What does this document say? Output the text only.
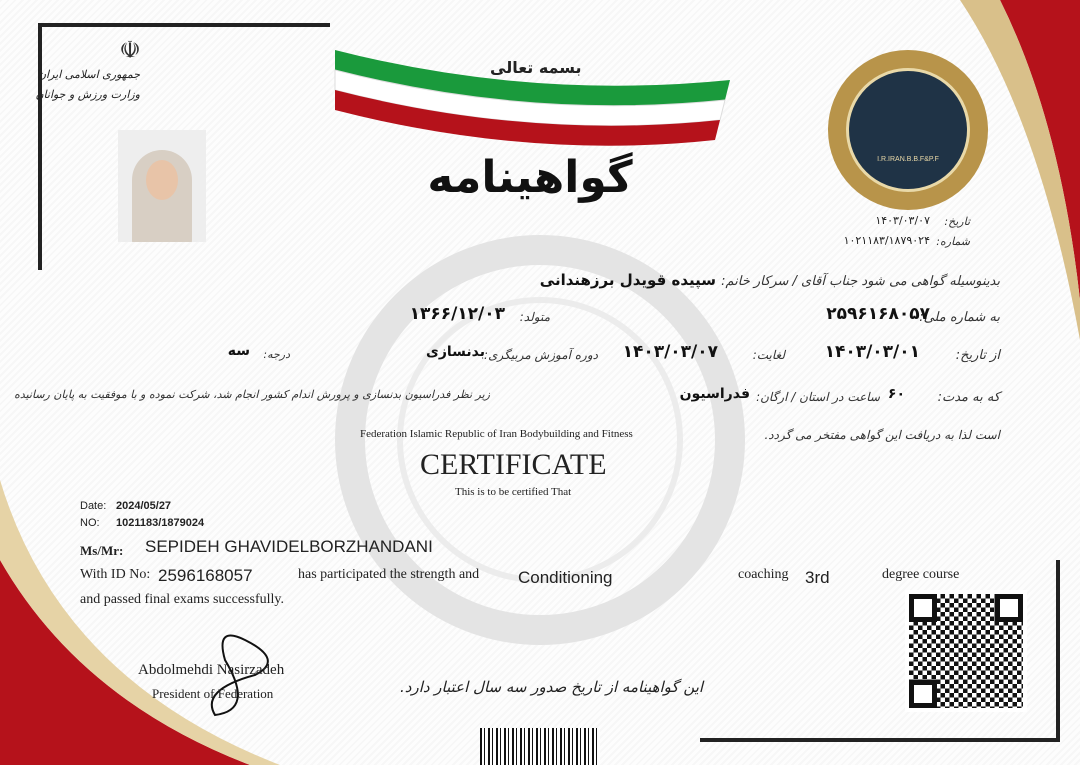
☫
جمهوری اسلامی ایران
وزارت ورزش و جوانان
بسمه تعالی
گواهینامه	I.R.IRAN.B.B.F&P.F
تاریخ:
۱۴۰۳/۰۳/۰۷
شماره:
۱۰۲۱۱۸۳/۱۸۷۹۰۲۴
بدینوسیله گواهی می شود جناب آقای / سرکار خانم: سپیده قویدل برزهندانی
به شماره ملی:
۲۵۹۶۱۶۸۰۵۷
متولد:
۱۳۶۶/۱۲/۰۳
از تاریخ:
۱۴۰۳/۰۳/۰۱
لغایت:
۱۴۰۳/۰۳/۰۷
دوره آموزش مربیگری:
بدنسازی
درجه:
سه
که به مدت:
۶۰
ساعت در استان / ارگان:
فدراسیون
زیر نظر فدراسیون بدنسازی و پرورش اندام کشور انجام شد، شرکت نموده و با موفقیت به پایان رسانیده
است لذا به دریافت این گواهی مفتخر می گردد.
Federation Islamic Republic of Iran Bodybuilding and Fitness
CERTIFICATE
This is to be certified That
Date: 2024/05/27
NO: 1021183/1879024
Ms/Mr: SEPIDEH GHAVIDELBORZHANDANI
With ID No: 2596168057	has participated the strength and Conditioning	coaching 3rd	degree course
and passed final exams successfully.
Abdolmehdi Nasirzadeh
President of Federation	این گواهینامه از تاریخ صدور سه سال اعتبار دارد.
